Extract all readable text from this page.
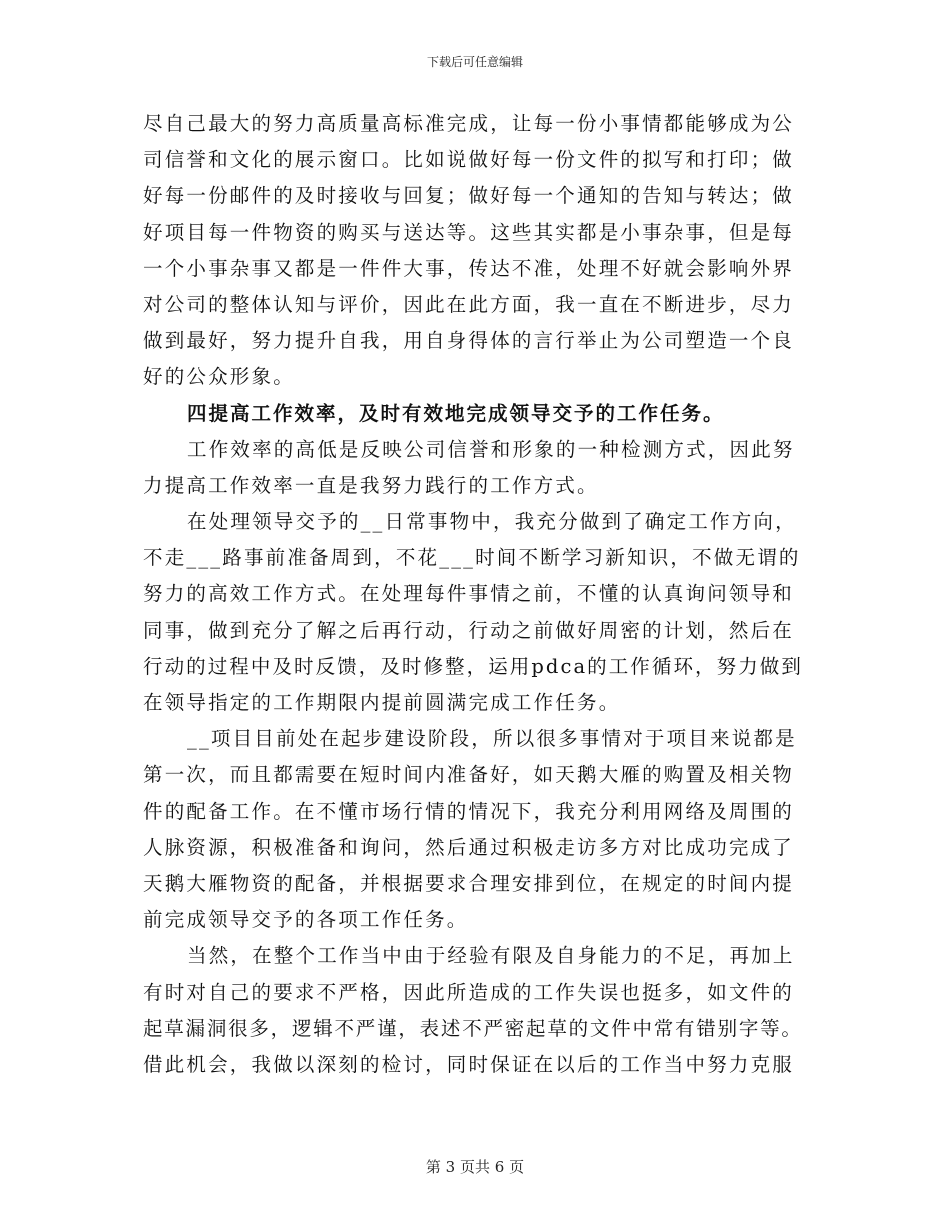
下载后可任意编辑
尽自己最大的努力高质量高标准完成，让每一份小事情都能够成为公
司信誉和文化的展示窗口。比如说做好每一份文件的拟写和打印；做
好每一份邮件的及时接收与回复；做好每一个通知的告知与转达；做
好项目每一件物资的购买与送达等。这些其实都是小事杂事，但是每
一个小事杂事又都是一件件大事，传达不准，处理不好就会影响外界
对公司的整体认知与评价，因此在此方面，我一直在不断进步，尽力
做到最好，努力提升自我，用自身得体的言行举止为公司塑造一个良
好的公众形象。
四提高工作效率，及时有效地完成领导交予的工作任务。
工作效率的高低是反映公司信誉和形象的一种检测方式，因此努
力提高工作效率一直是我努力践行的工作方式。
在处理领导交予的__日常事物中，我充分做到了确定工作方向，
不走___路事前准备周到，不花___时间不断学习新知识，不做无谓的
努力的高效工作方式。在处理每件事情之前，不懂的认真询问领导和
同事，做到充分了解之后再行动，行动之前做好周密的计划，然后在
行动的过程中及时反馈，及时修整，运用pdca的工作循环，努力做到
在领导指定的工作期限内提前圆满完成工作任务。
__项目目前处在起步建设阶段，所以很多事情对于项目来说都是
第一次，而且都需要在短时间内准备好，如天鹅大雁的购置及相关物
件的配备工作。在不懂市场行情的情况下，我充分利用网络及周围的
人脉资源，积极准备和询问，然后通过积极走访多方对比成功完成了
天鹅大雁物资的配备，并根据要求合理安排到位，在规定的时间内提
前完成领导交予的各项工作任务。
当然，在整个工作当中由于经验有限及自身能力的不足，再加上
有时对自己的要求不严格，因此所造成的工作失误也挺多，如文件的
起草漏洞很多，逻辑不严谨，表述不严密起草的文件中常有错别字等。
借此机会，我做以深刻的检讨，同时保证在以后的工作当中努力克服
第 3 页共 6 页
